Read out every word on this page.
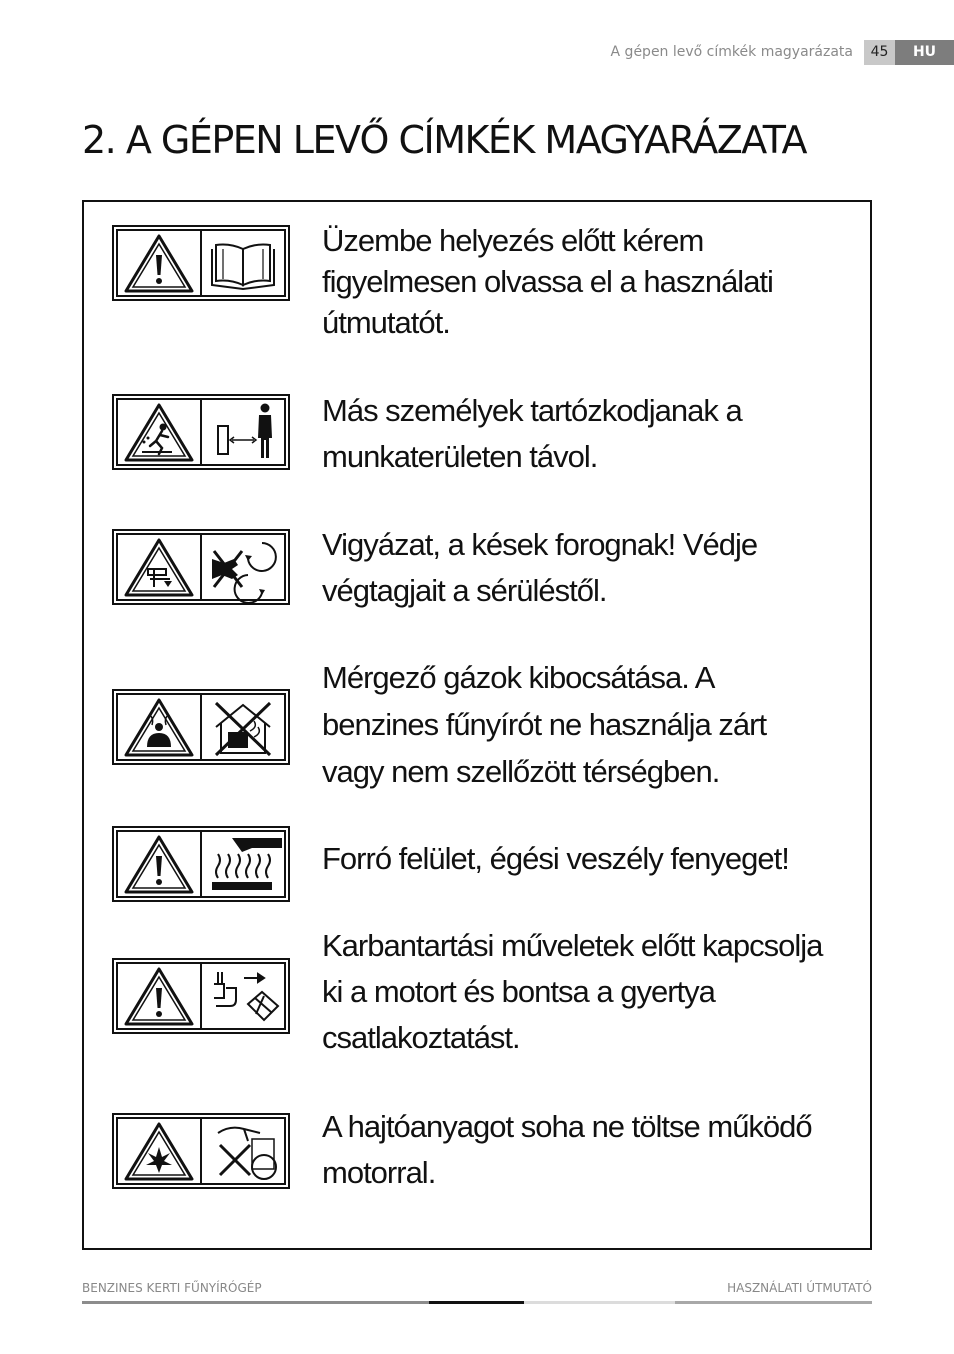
A gépen levő címkék magyarázata	45	HU
2. A GÉPEN LEVŐ CÍMKÉK MAGYARÁZATA
Üzembe helyezés előtt kérem
figyelmesen olvassa el a használati
útmutatót.
Más személyek tartózkodjanak a
munkaterületen távol.
Vigyázat, a kések forognak! Védje
végtagjait a sérüléstől.
Mérgező gázok kibocsátása. A
benzines fűnyírót ne használja zárt
vagy nem szellőzött térségben.
Forró felület, égési veszély fenyeget!
Karbantartási műveletek előtt kapcsolja
ki a motort és bontsa a gyertya
csatlakoztatást.
A hajtóanyagot soha ne töltse működő
motorral.
BENZINES KERTI FŰNYÍRÓGÉP	HASZNÁLATI ÚTMUTATÓ
